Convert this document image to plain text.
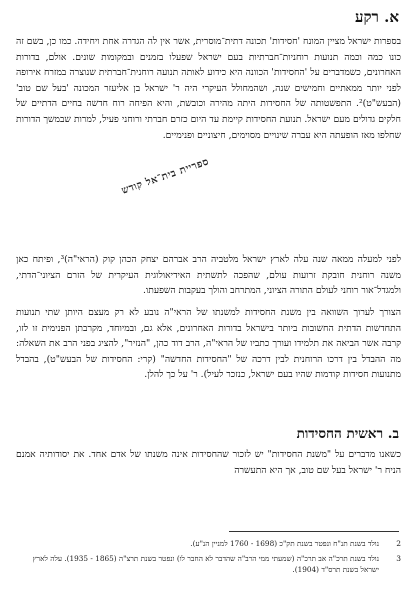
א. רקע

בספרות ישראל מציין המונח 'חסידות' תכונה דתית־מוסרית, אשר אין לה הגדרה אחת ויחידה. כמו כן, בשם זה כונו כמה וכמה תנועות רוחניות־חברתיות בעם ישראל שפעלו בזמנים ובמקומות שונים. אולם, בדורות האחרונים, כשמדברים על 'החסידות' הכוונה היא כידוע לאותה תנועה רוחנית־חברתית שנוצרה במזרח אירופה לפני יותר ממאתיים וחמישים שנה, ושהמחולל העיקרי היה ר' ישראל בן אליעזר המכונה 'בעל שם טוב' (הבעש"ט)². התפשטותה של החסידות היתה מהירה וכובשת, והיא הפיחה רוח חדשה בחיים הדתיים של חלקים גדולים מעם ישראל. תנועת החסידות קיימת עד היום כזרם חברתי ורוחני פעיל, למרות שבמשך הדורות שחלפו מאז הופעתה היא עברה שינויים מסוימים, חיצוניים ופנימיים.

ספריית בית־אל קודש

לפני למעלה ממאה שנה עלה לארץ ישראל מלטביה הרב אברהם יצחק הכהן קוק (הראי"ה)³, ופיתח כאן משנה רוחנית חובקת זרועות עולם, שהפכה לתשתית האידיאולוגית העיקרית של הזרם הציוני־הדתי, ולמגדל־אור רוחני לעולם התורה הציוני, המתרחב והולך בעקבות השפעתו.

הצורך לערוך השוואה בין משנת החסידות למשנתו של הראי"ה נובע לא רק מעצם היותן שתי תנועות התחדשות הדתית החשובות ביותר בישראל בדורות האחרונים, אלא גם, ובמיוחד, מקרבתן הפנימית זו לזו, קרבה אשר הביאה את תלמידו ועורך כתביו של הראי"ה, הרב דוד כהן, "הנזיר", להציג בפני הרב את השאלה: מה ההבדל בין דרכו הרוחנית לבין דרכה של "החסידות החדשה" (קרי: החסידות של הבעש"ט), בהבדל מתנועות חסידות קודמות שהיו בעם ישראל, כנזכר לעיל). ר' על כך להלן.

ב. ראשית החסידות

כשאנו מדברים על "משנת החסידות" יש לזכור שהחסידות אינה משנתו של אדם אחד. את יסודותיה אמנם הניח ר' ישראל בעל שם טוב, אך היא התעשרה

2
נולד בשנת תנ"ח ונפטר בשנת תק"כ (1698 - 1760 למניין הנ"ע).
3
נולד בשנת תרכ"ה אב תרכ"ה (שמעתי ממי הרב"ה שהדבר לא החבר לו) ונפטר בשנת תרצ"ה (1865 - 1935). עלה לארץ ישראל בשנת תרס"ד (1904).
